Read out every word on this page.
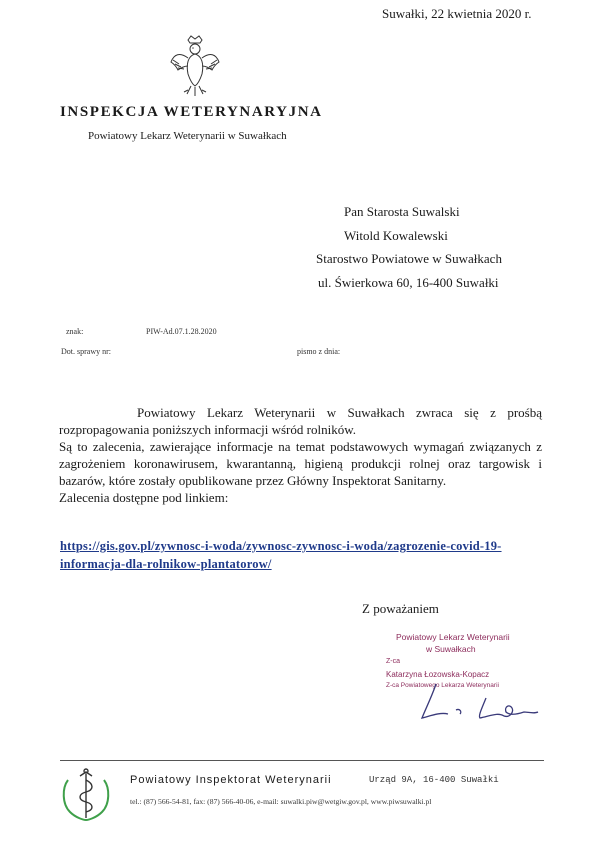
Suwałki, 22 kwietnia 2020 r.
INSPEKCJA WETERYNARYJNA
Powiatowy Lekarz Weterynarii w Suwałkach
Pan Starosta Suwalski
Witold Kowalewski
Starostwo Powiatowe w Suwałkach
ul. Świerkowa 60, 16-400 Suwałki
znak:	PIW-Ad.07.1.28.2020
Dot. sprawy nr:	pismo z dnia:

Powiatowy Lekarz Weterynarii w Suwałkach zwraca się z prośbą rozpropagowania poniższych informacji wśród rolników.

Są to zalecenia, zawierające informacje na temat podstawowych wymagań związanych z zagrożeniem koronawirusem, kwarantanną, higieną produkcji rolnej oraz targowisk i bazarów, które zostały opublikowane przez Główny Inspektorat Sanitarny.

Zalecenia dostępne pod linkiem:

https://gis.gov.pl/zywnosc-i-woda/zywnosc-zywnosc-i-woda/zagrozenie-covid-19-informacja-dla-rolnikow-plantatorow/
Z poważaniem
Powiatowy Lekarz Weterynarii
w Suwałkach
Z-ca
Katarzyna Łozowska-Kopacz
Z-ca Powiatowego Lekarza Weterynarii
Powiatowy Inspektorat Weterynarii	Urząd 9A, 16-400 Suwałki
tel.: (87) 566-54-81, fax: (87) 566-40-06, e-mail: suwalki.piw@wetgiw.gov.pl, www.piwsuwalki.pl
